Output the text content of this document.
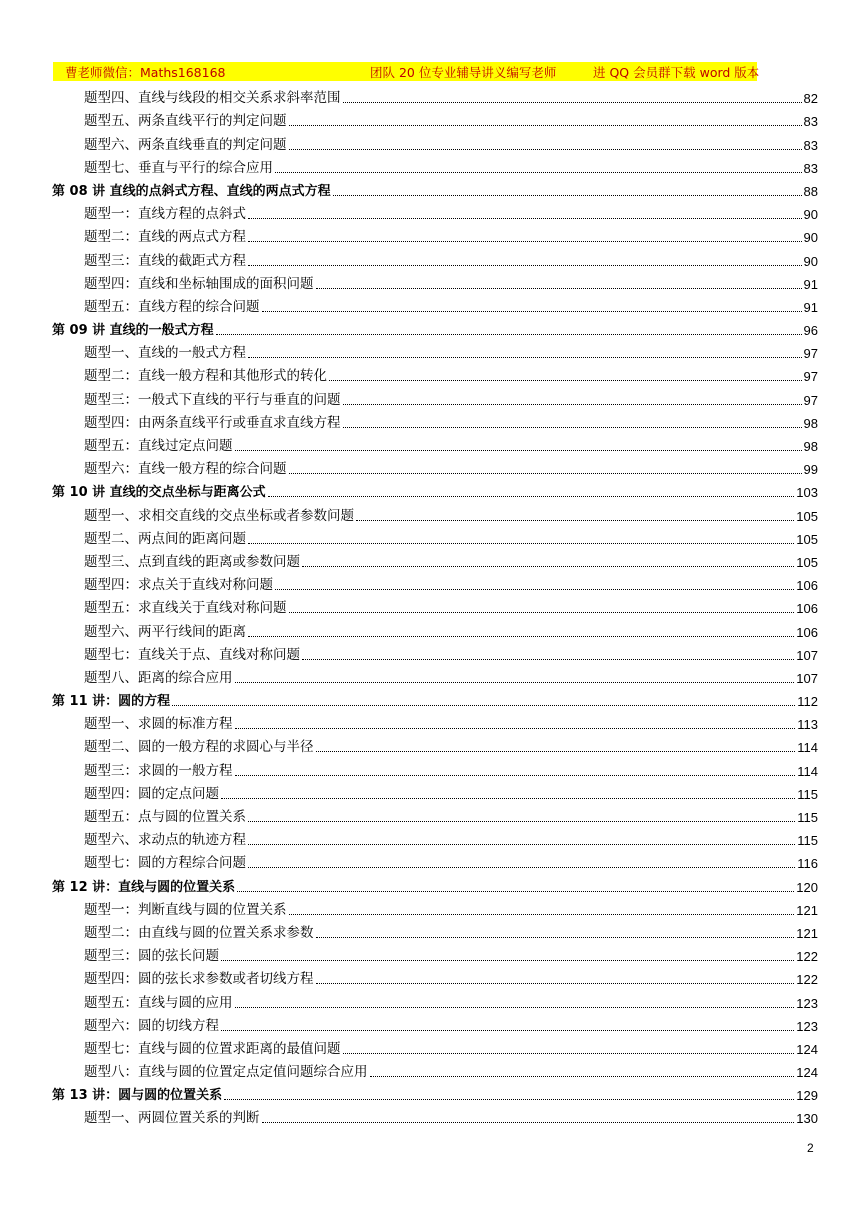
曹老师微信：Maths168168	团队 20 位专业辅导讲义编写老师	进 QQ 会员群下载 word 版本
题型四、直线与线段的相交关系求斜率范围	82
题型五、两条直线平行的判定问题	83
题型六、两条直线垂直的判定问题	83
题型七、垂直与平行的综合应用	83
第 08 讲 直线的点斜式方程、直线的两点式方程	88
题型一：直线方程的点斜式	90
题型二：直线的两点式方程	90
题型三：直线的截距式方程	90
题型四：直线和坐标轴围成的面积问题	91
题型五：直线方程的综合问题	91
第 09 讲 直线的一般式方程	96
题型一、直线的一般式方程	97
题型二：直线一般方程和其他形式的转化	97
题型三：一般式下直线的平行与垂直的问题	97
题型四：由两条直线平行或垂直求直线方程	98
题型五：直线过定点问题	98
题型六：直线一般方程的综合问题	99
第 10 讲 直线的交点坐标与距离公式	103
题型一、求相交直线的交点坐标或者参数问题	105
题型二、两点间的距离问题	105
题型三、点到直线的距离或参数问题	105
题型四：求点关于直线对称问题	106
题型五：求直线关于直线对称问题	106
题型六、两平行线间的距离	106
题型七：直线关于点、直线对称问题	107
题型八、距离的综合应用	107
第 11 讲：圆的方程	112
题型一、求圆的标准方程	113
题型二、圆的一般方程的求圆心与半径	114
题型三：求圆的一般方程	114
题型四：圆的定点问题	115
题型五：点与圆的位置关系	115
题型六、求动点的轨迹方程	115
题型七：圆的方程综合问题	116
第 12 讲：直线与圆的位置关系	120
题型一：判断直线与圆的位置关系	121
题型二：由直线与圆的位置关系求参数	121
题型三：圆的弦长问题	122
题型四：圆的弦长求参数或者切线方程	122
题型五：直线与圆的应用	123
题型六：圆的切线方程	123
题型七：直线与圆的位置求距离的最值问题	124
题型八：直线与圆的位置定点定值问题综合应用	124
第 13 讲：圆与圆的位置关系	129
题型一、两圆位置关系的判断	130
2
